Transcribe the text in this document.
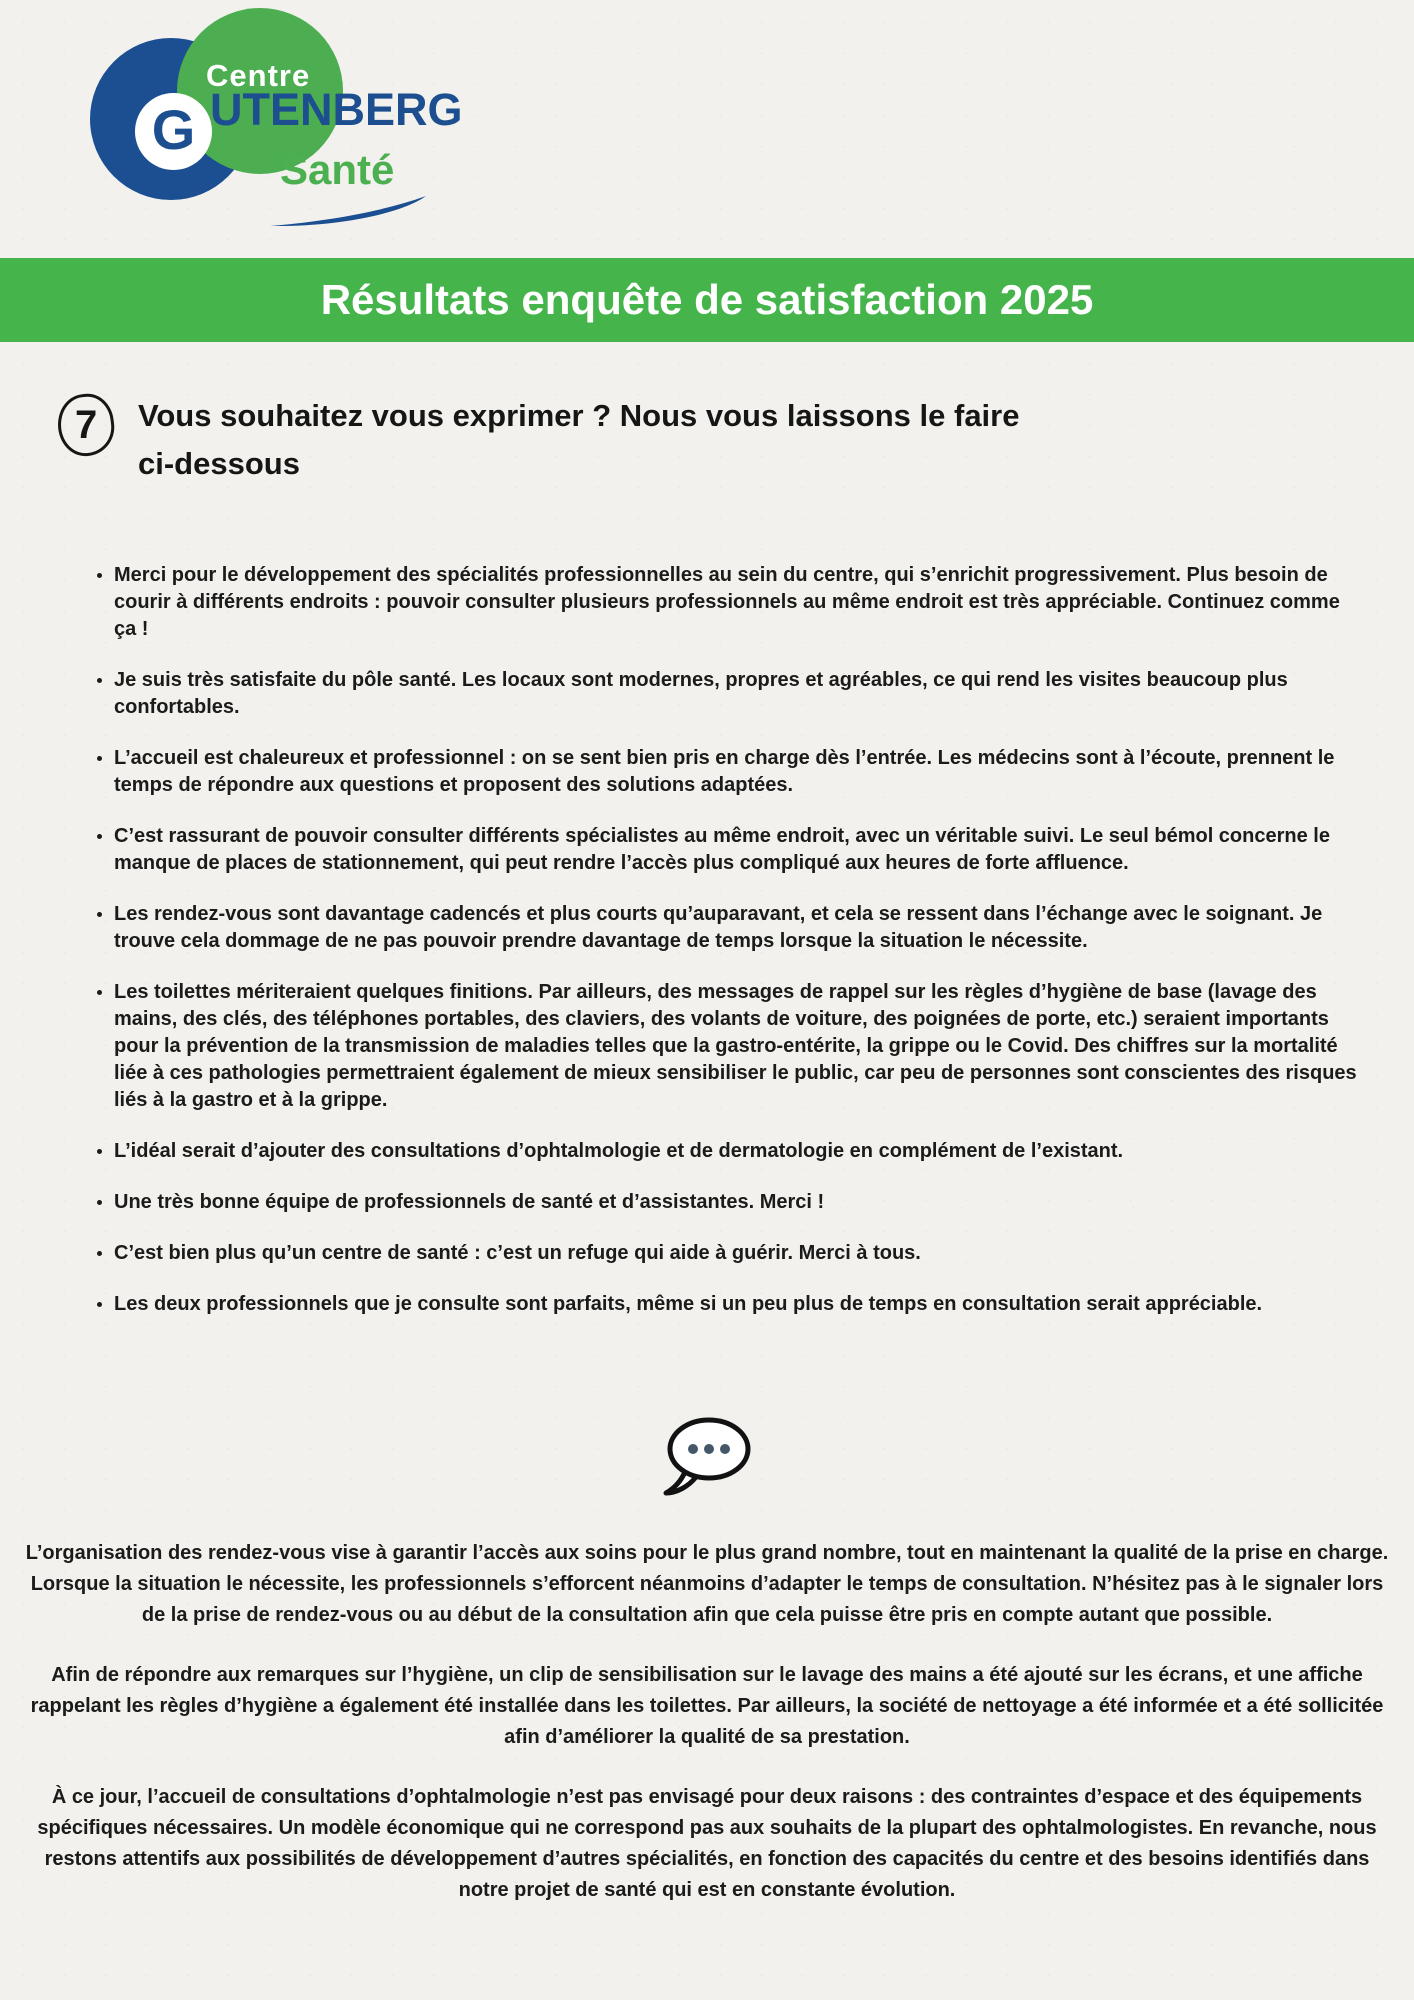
Centre
UTENBERG
G
Santé
Résultats enquête de satisfaction 2025
7 Vous souhaitez vous exprimer ? Nous vous laissons le faire ci-dessous
• Merci pour le développement des spécialités professionnelles au sein du centre, qui s’enrichit progressivement. Plus besoin de courir à différents endroits : pouvoir consulter plusieurs professionnels au même endroit est très appréciable. Continuez comme ça !
• Je suis très satisfaite du pôle santé. Les locaux sont modernes, propres et agréables, ce qui rend les visites beaucoup plus confortables.
• L’accueil est chaleureux et professionnel : on se sent bien pris en charge dès l’entrée. Les médecins sont à l’écoute, prennent le temps de répondre aux questions et proposent des solutions adaptées.
• C’est rassurant de pouvoir consulter différents spécialistes au même endroit, avec un véritable suivi. Le seul bémol concerne le manque de places de stationnement, qui peut rendre l’accès plus compliqué aux heures de forte affluence.
• Les rendez-vous sont davantage cadencés et plus courts qu’auparavant, et cela se ressent dans l’échange avec le soignant. Je trouve cela dommage de ne pas pouvoir prendre davantage de temps lorsque la situation le nécessite.
• Les toilettes mériteraient quelques finitions. Par ailleurs, des messages de rappel sur les règles d’hygiène de base (lavage des mains, des clés, des téléphones portables, des claviers, des volants de voiture, des poignées de porte, etc.) seraient importants pour la prévention de la transmission de maladies telles que la gastro-entérite, la grippe ou le Covid. Des chiffres sur la mortalité liée à ces pathologies permettraient également de mieux sensibiliser le public, car peu de personnes sont conscientes des risques liés à la gastro et à la grippe.
• L’idéal serait d’ajouter des consultations d’ophtalmologie et de dermatologie en complément de l’existant.
• Une très bonne équipe de professionnels de santé et d’assistantes. Merci !
• C’est bien plus qu’un centre de santé : c’est un refuge qui aide à guérir. Merci à tous.
• Les deux professionnels que je consulte sont parfaits, même si un peu plus de temps en consultation serait appréciable.

L’organisation des rendez-vous vise à garantir l’accès aux soins pour le plus grand nombre, tout en maintenant la qualité de la prise en charge. Lorsque la situation le nécessite, les professionnels s’efforcent néanmoins d’adapter le temps de consultation. N’hésitez pas à le signaler lors de la prise de rendez-vous ou au début de la consultation afin que cela puisse être pris en compte autant que possible.

Afin de répondre aux remarques sur l’hygiène, un clip de sensibilisation sur le lavage des mains a été ajouté sur les écrans, et une affiche rappelant les règles d’hygiène a également été installée dans les toilettes. Par ailleurs, la société de nettoyage a été informée et a été sollicitée afin d’améliorer la qualité de sa prestation.

À ce jour, l’accueil de consultations d’ophtalmologie n’est pas envisagé pour deux raisons : des contraintes d’espace et des équipements spécifiques nécessaires. Un modèle économique qui ne correspond pas aux souhaits de la plupart des ophtalmologistes. En revanche, nous restons attentifs aux possibilités de développement d’autres spécialités, en fonction des capacités du centre et des besoins identifiés dans notre projet de santé qui est en constante évolution.
